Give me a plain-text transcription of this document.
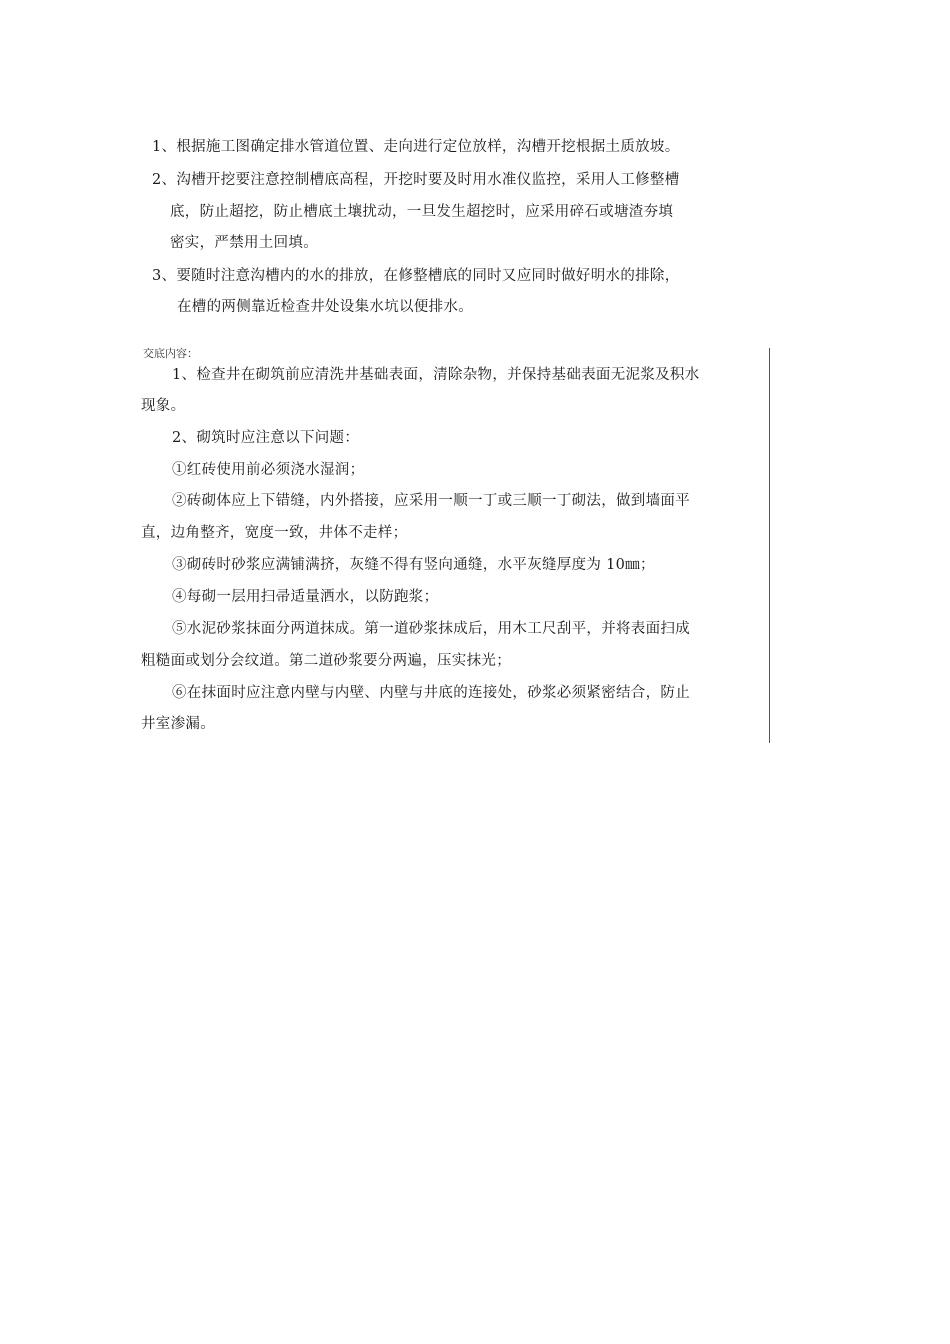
1、根据施工图确定排水管道位置、走向进行定位放样，沟槽开挖根据土质放坡。
2、沟槽开挖要注意控制槽底高程，开挖时要及时用水准仪监控，采用人工修整槽
底，防止超挖，防止槽底土壤扰动，一旦发生超挖时，应采用碎石或塘渣夯填
密实，严禁用土回填。
3、要随时注意沟槽内的水的排放，在修整槽底的同时又应同时做好明水的排除，
在槽的两侧靠近检查井处设集水坑以便排水。
交底内容：
1、检查井在砌筑前应清洗井基础表面，清除杂物，并保持基础表面无泥浆及积水
现象。
2、砌筑时应注意以下问题：
①红砖使用前必须浇水湿润；
②砖砌体应上下错缝，内外搭接，应采用一顺一丁或三顺一丁砌法，做到墙面平
直，边角整齐，宽度一致，井体不走样；
③砌砖时砂浆应满铺满挤，灰缝不得有竖向通缝，水平灰缝厚度为 10㎜；
④每砌一层用扫帚适量洒水，以防跑浆；
⑤水泥砂浆抹面分两道抹成。第一道砂浆抹成后，用木工尺刮平，并将表面扫成
粗糙面或划分会纹道。第二道砂浆要分两遍，压实抹光；
⑥在抹面时应注意内壁与内壁、内壁与井底的连接处，砂浆必须紧密结合，防止
井室渗漏。
